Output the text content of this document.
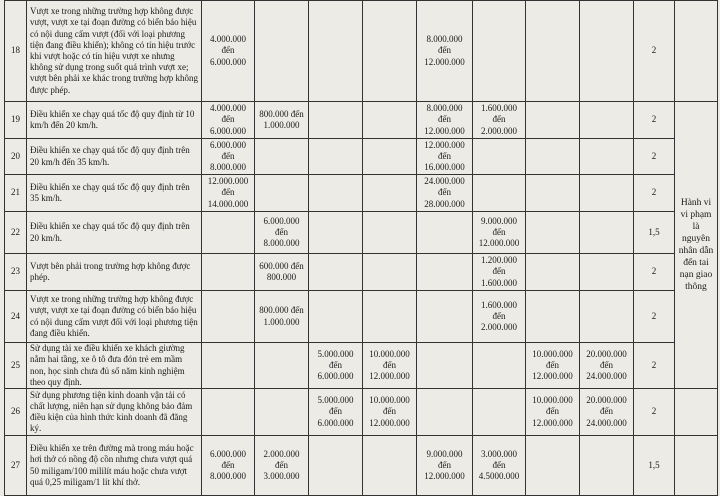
18	Vượt xe trong những trường hợp không được vượt, vượt xe tại đoạn đường có biển báo hiệu có nội dung cấm vượt (đối với loại phương tiện đang điều khiển); không có tín hiệu trước khi vượt hoặc có tín hiệu vượt xe nhưng không sử dụng trong suốt quá trình vượt xe; vượt bên phải xe khác trong trường hợp không được phép.	4.000.000 đến 6.000.000				8.000.000 đến 12.000.000				2	
19	Điều khiển xe chạy quá tốc độ quy định từ 10 km/h đến 20 km/h.	4.000.000 đến 6.000.000	800.000 đến 1.000.000			8.000.000 đến 12.000.000	1.600.000 đến 2.000.000			2	Hành vi vi phạm là nguyên nhân dẫn đến tai nạn giao thông
20	Điều khiển xe chạy quá tốc độ quy định trên 20 km/h đến 35 km/h.	6.000.000 đến 8.000.000				12.000.000 đến 16.000.000				2	
21	Điều khiển xe chạy quá tốc độ quy định trên 35 km/h.	12.000.000 đến 14.000.000				24.000.000 đến 28.000.000				2	
22	Điều khiển xe chạy quá tốc độ quy định trên 20 km/h.		6.000.000 đến 8.000.000				9.000.000 đến 12.000.000			1,5	
23	Vượt bên phải trong trường hợp không được phép.		600.000 đến 800.000				1.200.000 đến 1.600.000			2	
24	Vượt xe trong những trường hợp không được vượt, vượt xe tại đoạn đường có biển báo hiệu có nội dung cấm vượt đối với loại phương tiện đang điều khiển.		800.000 đến 1.000.000				1.600.000 đến 2.000.000			2	
25	Sử dụng tài xe điều khiển xe khách giường nằm hai tầng, xe ô tô đưa đón trẻ em mầm non, học sinh chưa đủ số năm kinh nghiệm theo quy định.			5.000.000 đến 6.000.000	10.000.000 đến 12.000.000			10.000.000 đến 12.000.000	20.000.000 đến 24.000.000	2	
26	Sử dụng phương tiện kinh doanh vận tải có chất lượng, niên hạn sử dụng không bảo đảm điều kiện của hình thức kinh doanh đã đăng ký.			5.000.000 đến 6.000.000	10.000.000 đến 12.000.000			10.000.000 đến 12.000.000	20.000.000 đến 24.000.000	2	
27	Điều khiển xe trên đường mà trong máu hoặc hơi thở có nồng độ cồn nhưng chưa vượt quá 50 miligam/100 mililít máu hoặc chưa vượt quá 0,25 miligam/1 lít khí thở.	6.000.000 đến 8.000.000	2.000.000 đến 3.000.000			9.000.000 đến 12.000.000	3.000.000 đến 4.5000.000			1,5	
